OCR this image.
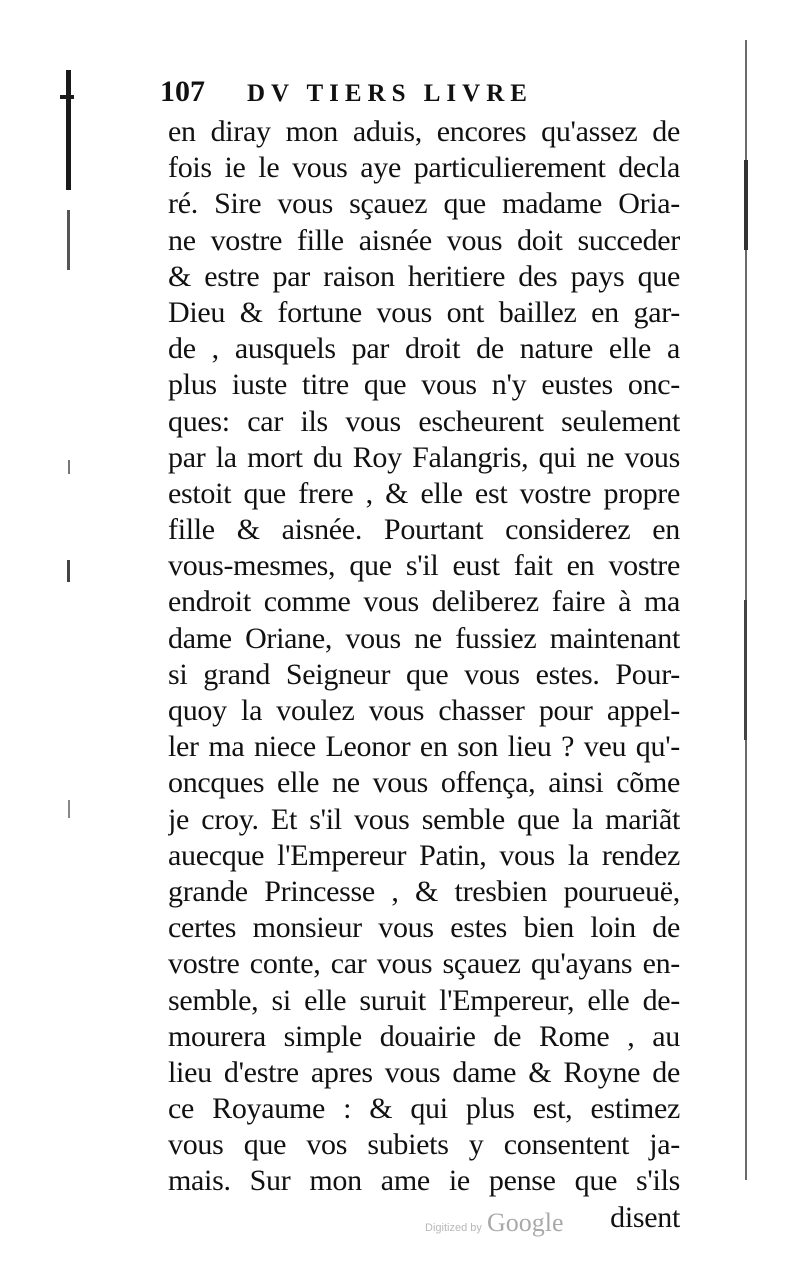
107 DV TIERS LIVRE
en diray mon aduis, encores qu'assez de
fois ie le vous aye particulierement decla
ré. Sire vous sçauez que madame Oria-
ne vostre fille aisnée vous doit succeder
& estre par raison heritiere des pays que
Dieu & fortune vous ont baillez en gar-
de , ausquels par droit de nature elle a
plus iuste titre que vous n'y eustes onc-
ques: car ils vous escheurent seulement
par la mort du Roy Falangris, qui ne vous
estoit que frere , & elle est vostre propre
fille & aisnée. Pourtant considerez en
vous-mesmes, que s'il eust fait en vostre
endroit comme vous deliberez faire à ma
dame Oriane, vous ne fussiez maintenant
si grand Seigneur que vous estes. Pour-
quoy la voulez vous chasser pour appel-
ler ma niece Leonor en son lieu ? veu qu'-
oncques elle ne vous offença, ainsi cõme
je croy. Et s'il vous semble que la mariãt
auecque l'Empereur Patin, vous la rendez
grande Princesse , & tresbien pourueuë,
certes monsieur vous estes bien loin de
vostre conte, car vous sçauez qu'ayans en-
semble, si elle suruit l'Empereur, elle de-
mourera simple douairie de Rome , au
lieu d'estre apres vous dame & Royne de
ce Royaume : & qui plus est, estimez
vous que vos subiets y consentent ja-
mais. Sur mon ame ie pense que s'ils
disent
Digitized by Google
